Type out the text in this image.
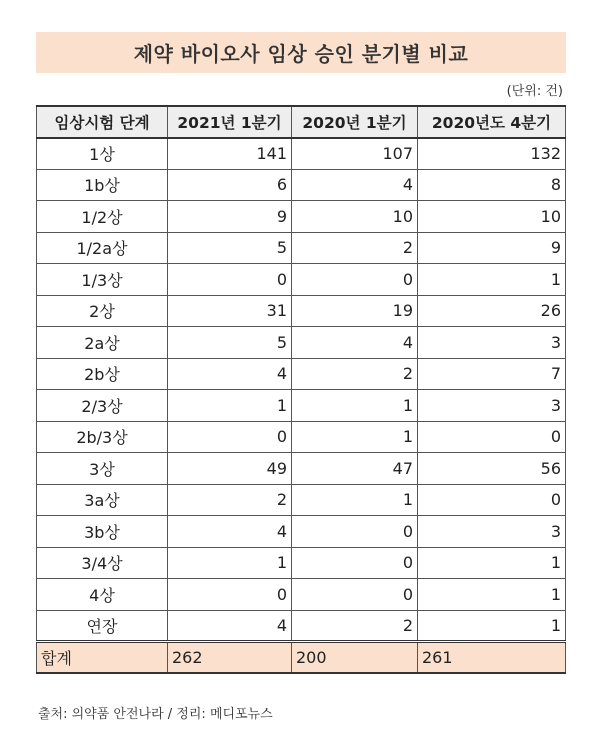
제약 바이오사 임상 승인 분기별 비교
(단위: 건)
임상시험 단계	2021년 1분기	2020년 1분기	2020년도 4분기
1상	141	107	132
1b상	6	4	8
1/2상	9	10	10
1/2a상	5	2	9
1/3상	0	0	1
2상	31	19	26
2a상	5	4	3
2b상	4	2	7
2/3상	1	1	3
2b/3상	0	1	0
3상	49	47	56
3a상	2	1	0
3b상	4	0	3
3/4상	1	0	1
4상	0	0	1
연장	4	2	1
합계	262	200	261
출처: 의약품 안전나라 / 정리: 메디포뉴스
